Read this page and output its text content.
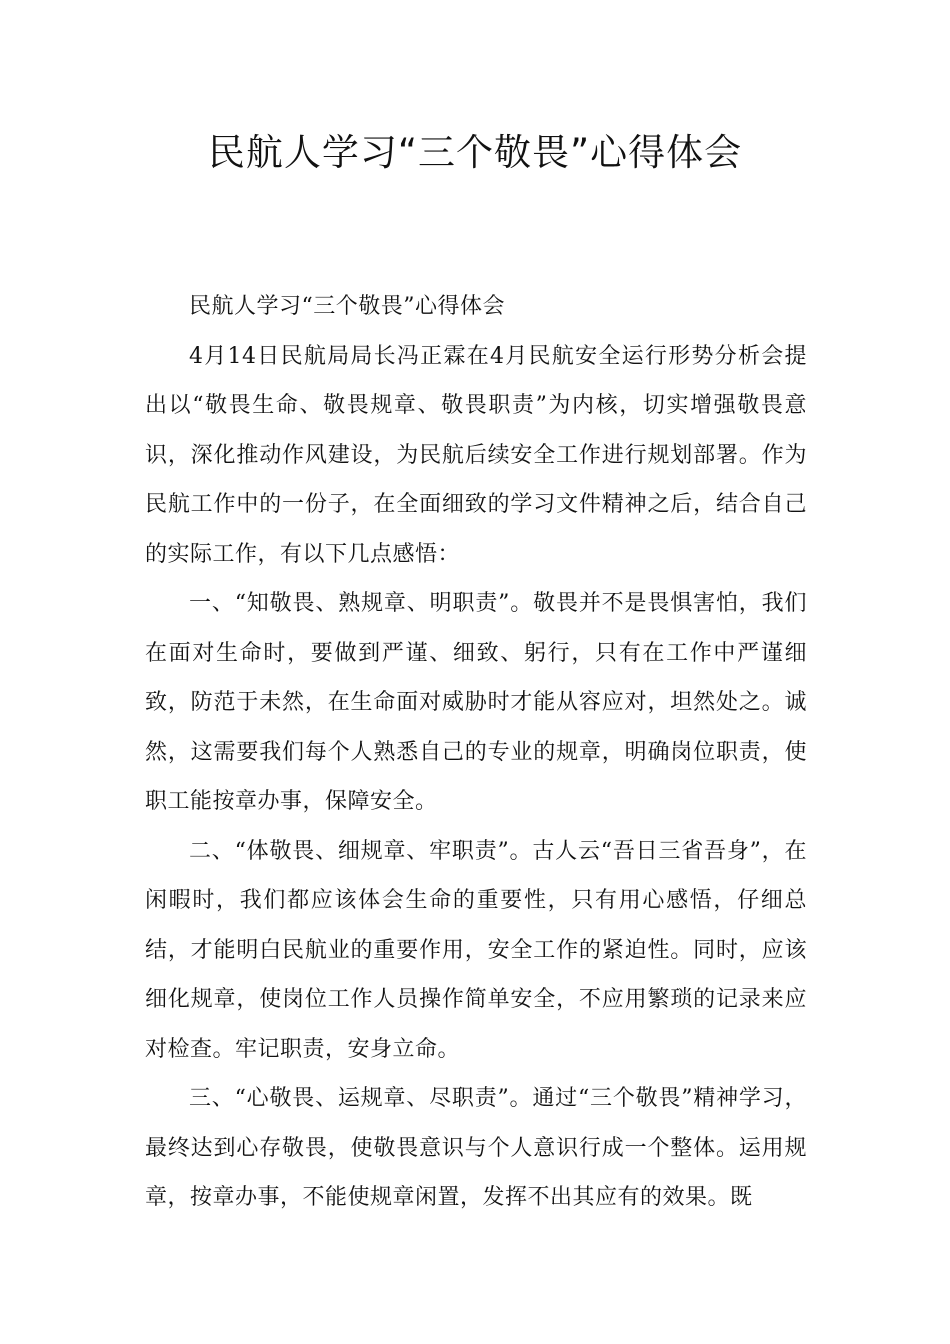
民航人学习“三个敬畏”心得体会

民航人学习“三个敬畏”心得体会

4月14日民航局局长冯正霖在4月民航安全运行形势分析会提出以“敬畏生命、敬畏规章、敬畏职责”为内核，切实增强敬畏意识，深化推动作风建设，为民航后续安全工作进行规划部署。作为民航工作中的一份子，在全面细致的学习文件精神之后，结合自己的实际工作，有以下几点感悟：

一、“知敬畏、熟规章、明职责”。敬畏并不是畏惧害怕，我们在面对生命时，要做到严谨、细致、躬行，只有在工作中严谨细致，防范于未然，在生命面对威胁时才能从容应对，坦然处之。诚然，这需要我们每个人熟悉自己的专业的规章，明确岗位职责，使职工能按章办事，保障安全。

二、“体敬畏、细规章、牢职责”。古人云“吾日三省吾身”，在闲暇时，我们都应该体会生命的重要性，只有用心感悟，仔细总结，才能明白民航业的重要作用，安全工作的紧迫性。同时，应该细化规章，使岗位工作人员操作简单安全，不应用繁琐的记录来应对检查。牢记职责，安身立命。

三、“心敬畏、运规章、尽职责”。通过“三个敬畏”精神学习，最终达到心存敬畏，使敬畏意识与个人意识行成一个整体。运用规章，按章办事，不能使规章闲置，发挥不出其应有的效果。既
